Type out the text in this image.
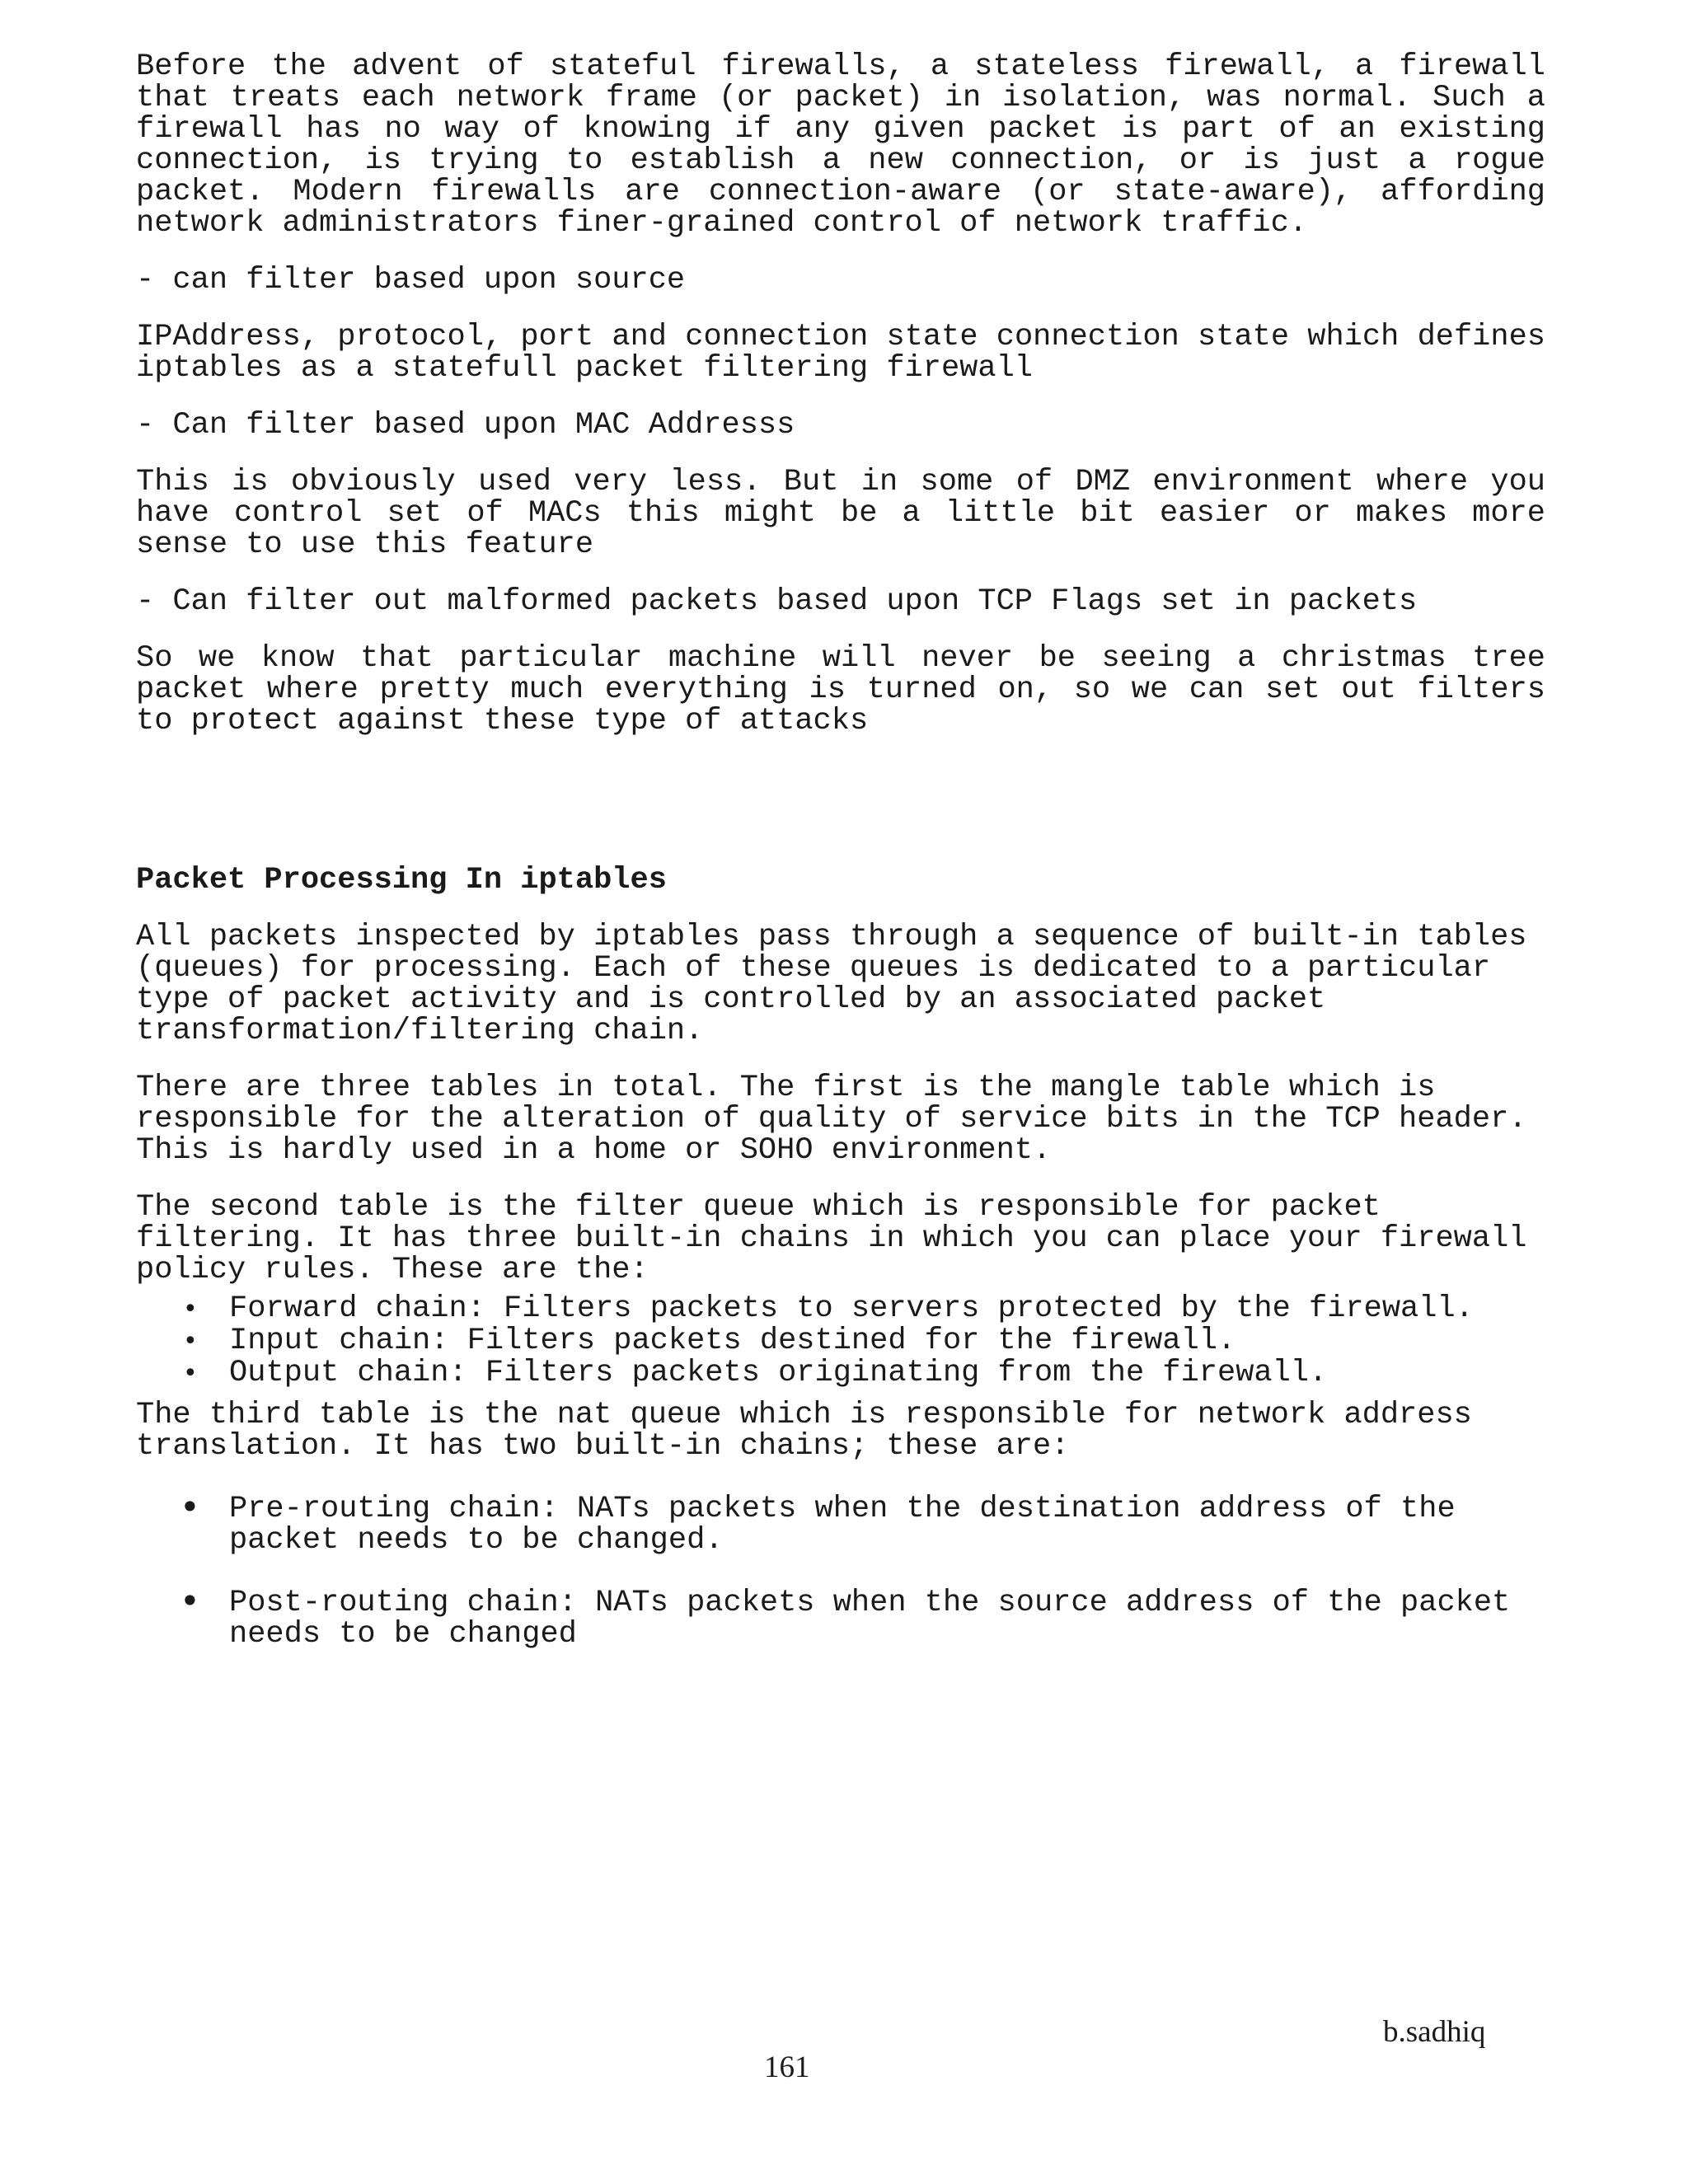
Before the advent of stateful firewalls, a stateless firewall, a firewall that treats each network frame (or packet) in isolation, was normal. Such a firewall has no way of knowing if any given packet is part of an existing connection, is trying to establish a new connection, or is just a rogue packet. Modern firewalls are connection-aware (or state-aware), affording network administrators finer-grained control of network traffic.

- can filter based upon source

IPAddress, protocol, port and connection state connection state which defines iptables as a statefull packet filtering firewall

- Can filter based upon MAC Addresss

This is obviously used very less. But in some of DMZ environment where you have control set of MACs this might be a little bit easier or makes more sense to use this feature

- Can filter out malformed packets based upon TCP Flags set in packets

So we know that particular machine will never be seeing a christmas tree packet where pretty much everything is turned on, so we can set out filters to protect against these type of attacks

Packet Processing In iptables

All packets inspected by iptables pass through a sequence of built-in tables (queues) for processing. Each of these queues is dedicated to a particular type of packet activity and is controlled by an associated packet transformation/filtering chain.

There are three tables in total. The first is the mangle table which is responsible for the alteration of quality of service bits in the TCP header. This is hardly used in a home or SOHO environment.

The second table is the filter queue which is responsible for packet filtering. It has three built-in chains in which you can place your firewall policy rules. These are the:

• Forward chain: Filters packets to servers protected by the firewall.
• Input chain: Filters packets destined for the firewall.
• Output chain: Filters packets originating from the firewall.

The third table is the nat queue which is responsible for network address translation. It has two built-in chains; these are:

• Pre-routing chain: NATs packets when the destination address of the packet needs to be changed.
• Post-routing chain: NATs packets when the source address of the packet needs to be changed
b.sadhiq
161
